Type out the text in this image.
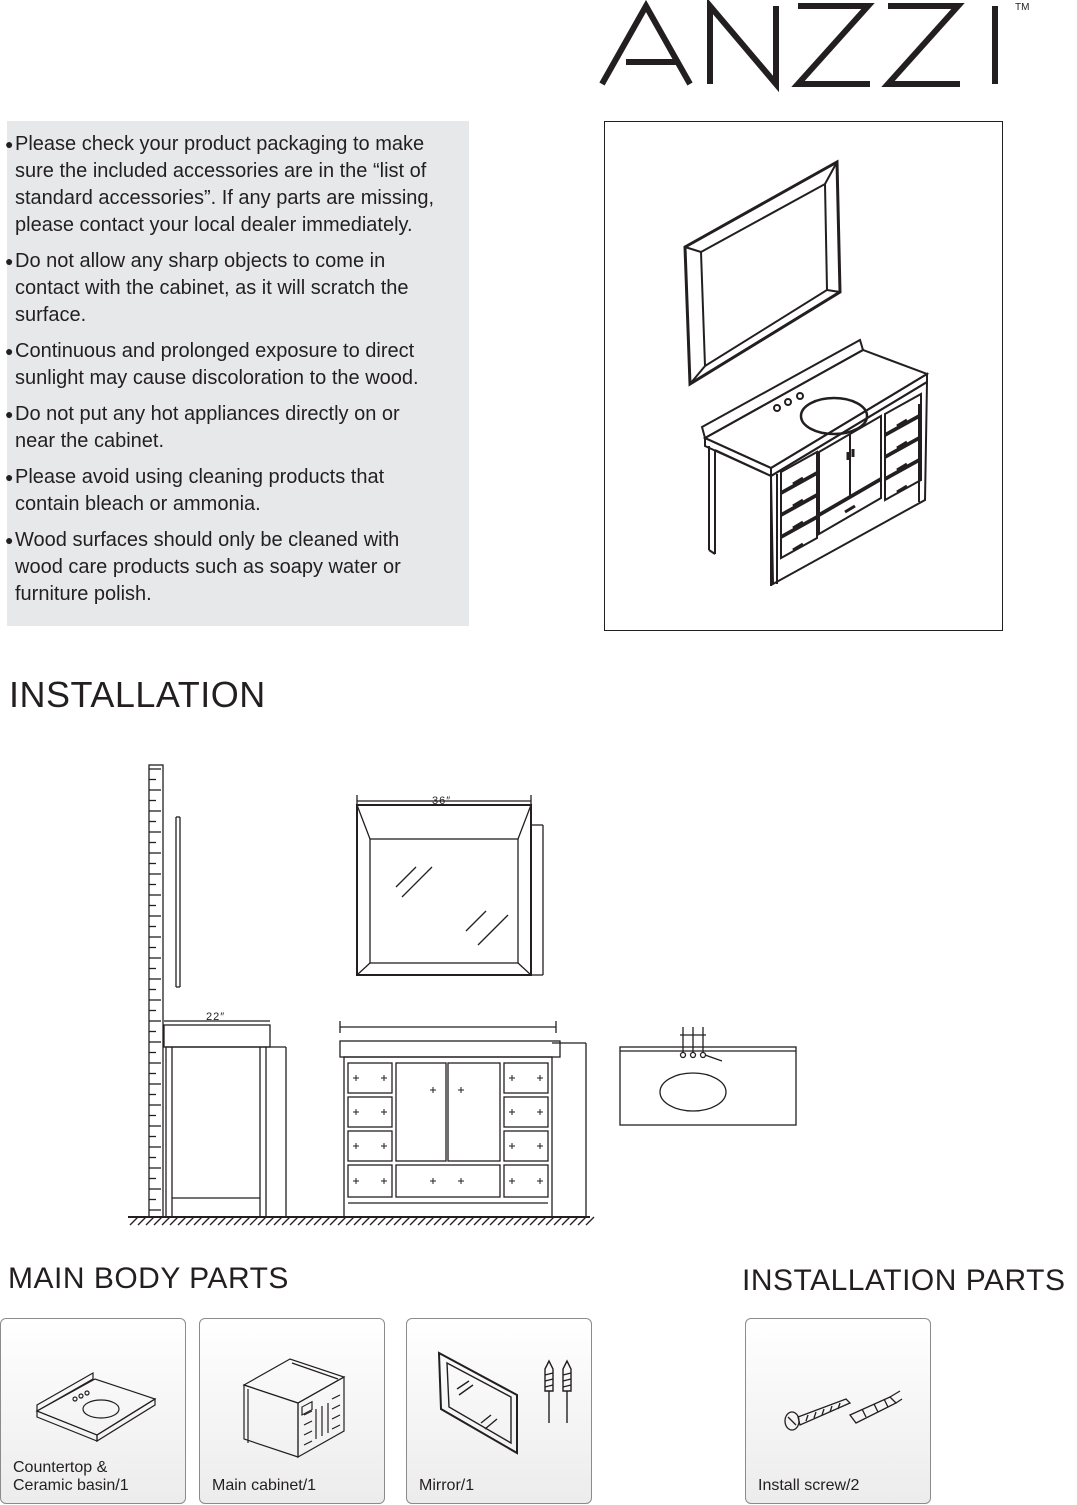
TM
● Please check your product packaging to make
sure the included accessories are in the “list of
standard accessories”. If any parts are missing,
please contact your local dealer immediately.
● Do not allow any sharp objects to come in
contact with the cabinet, as it will scratch the
surface.
● Continuous and prolonged exposure to direct
sunlight may cause discoloration to the wood.
● Do not put any hot appliances directly on or
near the cabinet.
● Please avoid using cleaning products that
contain bleach or ammonia.
● Wood surfaces should only be cleaned with
wood care products such as soapy water or
furniture polish.
INSTALLATION
36″
22″
MAIN BODY PARTS	INSTALLATION PARTS
Countertop &
Ceramic basin/1	Main cabinet/1	Mirror/1	Install screw/2
